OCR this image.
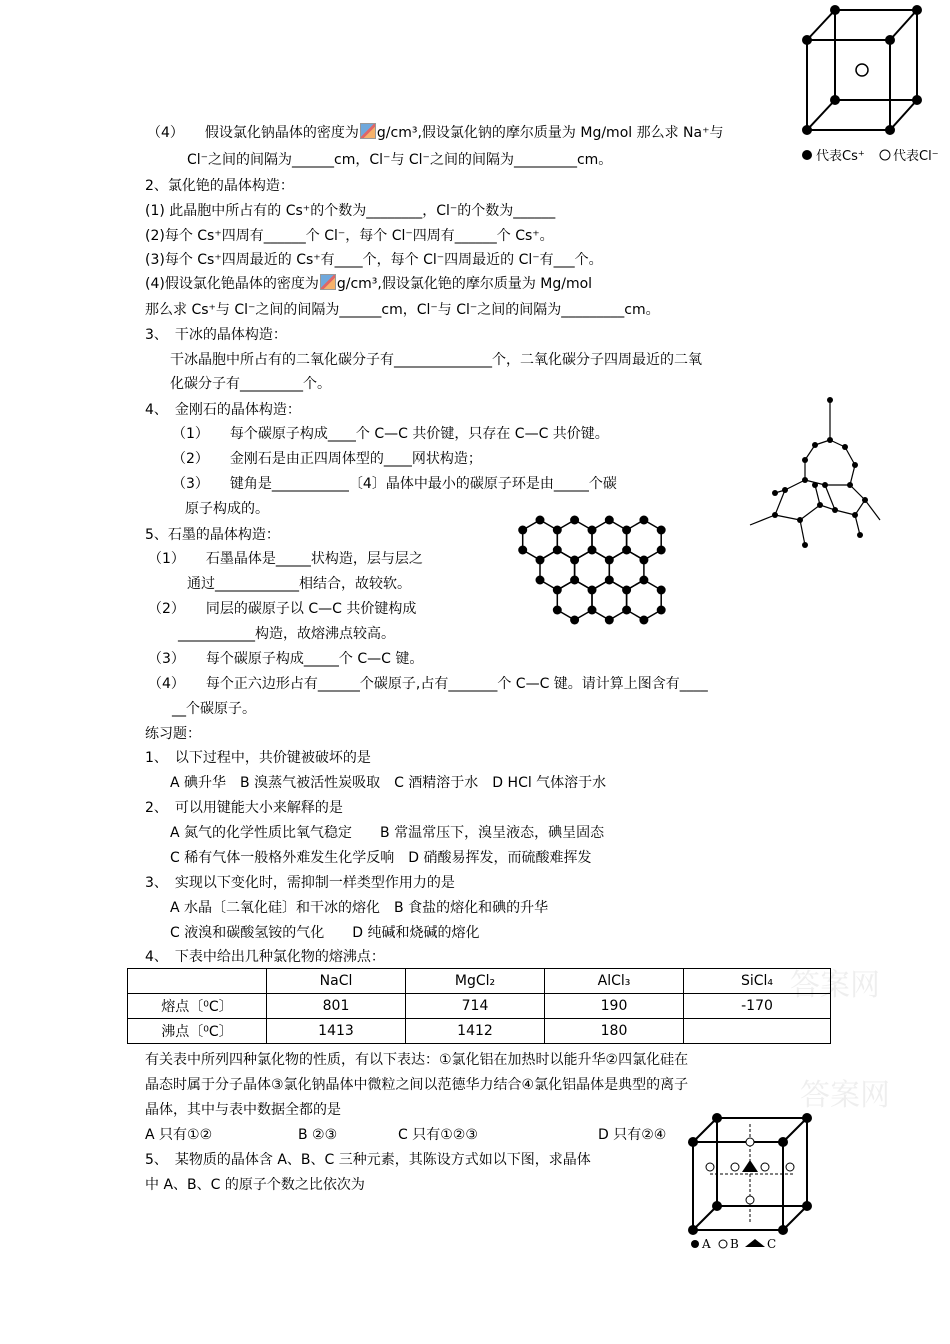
答案网
答案网
代表Cs⁺ 代表Cl⁻
（4）　　假设氯化钠晶体的密度为 g/cm³,假设氯化钠的摩尔质量为 Mg/mol 那么求 Na⁺与
Cl⁻之间的间隔为______cm，Cl⁻与 Cl⁻之间的间隔为_________cm。
2、氯化铯的晶体构造：
(1) 此晶胞中所占有的 Cs⁺的个数为________，Cl⁻的个数为______
(2)每个 Cs⁺四周有______个 Cl⁻，每个 Cl⁻四周有______个 Cs⁺。
(3)每个 Cs⁺四周最近的 Cs⁺有____个，每个 Cl⁻四周最近的 Cl⁻有___个。
(4)假设氯化铯晶体的密度为 g/cm³,假设氯化铯的摩尔质量为 Mg/mol
那么求 Cs⁺与 Cl⁻之间的间隔为______cm，Cl⁻与 Cl⁻之间的间隔为_________cm。
3、　干冰的晶体构造：
干冰晶胞中所占有的二氧化碳分子有______________个，二氧化碳分子四周最近的二氧
化碳分子有_________个。
4、　金刚石的晶体构造：
（1）　　每个碳原子构成____个 C—C 共价键，只存在 C—C 共价键。
（2）　　金刚石是由正四周体型的____网状构造；
（3）　　键角是___________〔4〕晶体中最小的碳原子环是由_____个碳
原子构成的。
5、石墨的晶体构造：
（1）　　石墨晶体是_____状构造，层与层之
通过____________相结合，故较软。
（2）　　同层的碳原子以 C—C 共价键构成
___________构造，故熔沸点较高。
（3）　　每个碳原子构成_____个 C—C 键。
（4）　　每个正六边形占有______个碳原子,占有_______个 C—C 键。请计算上图含有____
__个碳原子。
练习题：
1、　以下过程中，共价键被破坏的是
A 碘升华　B 溴蒸气被活性炭吸取　C 酒精溶于水　D HCl 气体溶于水
2、　可以用键能大小来解释的是
A 氮气的化学性质比氧气稳定　　B 常温常压下，溴呈液态，碘呈固态
C 稀有气体一般格外难发生化学反响　D 硝酸易挥发，而硫酸难挥发
3、　实现以下变化时，需抑制一样类型作用力的是
A 水晶〔二氧化硅〕和干冰的熔化　B 食盐的熔化和碘的升华
C 液溴和碳酸氢铵的气化　　D 纯碱和烧碱的熔化
4、　下表中给出几种氯化物的熔沸点：
	NaCl	MgCl₂	AlCl₃	SiCl₄
熔点〔⁰C〕	801	714	190	-170
沸点〔⁰C〕	1413	1412	180	
有关表中所列四种氯化物的性质，有以下表达：①氯化铝在加热时以能升华②四氯化硅在
晶态时属于分子晶体③氯化钠晶体中微粒之间以范德华力结合④氯化铝晶体是典型的离子
晶体，其中与表中数据全都的是
A 只有①②	B ②③	C 只有①②③	D 只有②④
5、　某物质的晶体含 A、B、C 三种元素，其陈设方式如以下图，求晶体
中 A、B、C 的原子个数之比依次为
A B C
